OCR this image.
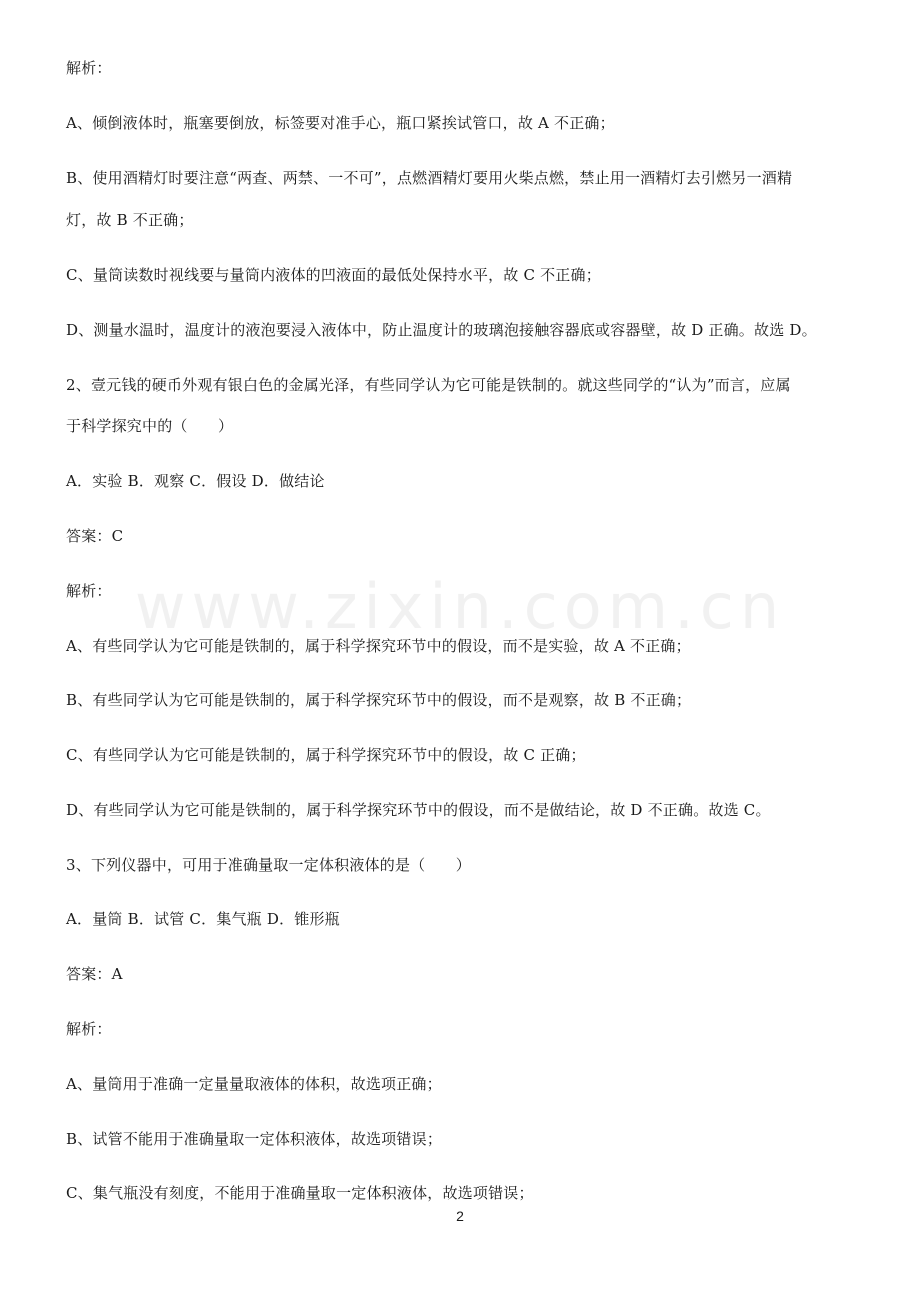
www.zixin.com.cn
解析：
A、倾倒液体时，瓶塞要倒放，标签要对准手心，瓶口紧挨试管口，故 A 不正确；
B、使用酒精灯时要注意“两查、两禁、一不可”，点燃酒精灯要用火柴点燃，禁止用一酒精灯去引燃另一酒精
灯，故 B 不正确；
C、量筒读数时视线要与量筒内液体的凹液面的最低处保持水平，故 C 不正确；
D、测量水温时，温度计的液泡要浸入液体中，防止温度计的玻璃泡接触容器底或容器壁，故 D 正确。故选 D。
2、壹元钱的硬币外观有银白色的金属光泽，有些同学认为它可能是铁制的。就这些同学的“认为”而言，应属
于科学探究中的（　　）
A．实验 B．观察 C．假设 D．做结论
答案：C
解析：
A、有些同学认为它可能是铁制的，属于科学探究环节中的假设，而不是实验，故 A 不正确；
B、有些同学认为它可能是铁制的，属于科学探究环节中的假设，而不是观察，故 B 不正确；
C、有些同学认为它可能是铁制的，属于科学探究环节中的假设，故 C 正确；
D、有些同学认为它可能是铁制的，属于科学探究环节中的假设，而不是做结论，故 D 不正确。故选 C。
3、下列仪器中，可用于准确量取一定体积液体的是（　　）
A．量筒 B．试管 C．集气瓶 D．锥形瓶
答案：A
解析：
A、量筒用于准确一定量量取液体的体积，故选项正确；
B、试管不能用于准确量取一定体积液体，故选项错误；
C、集气瓶没有刻度，不能用于准确量取一定体积液体，故选项错误；
2
